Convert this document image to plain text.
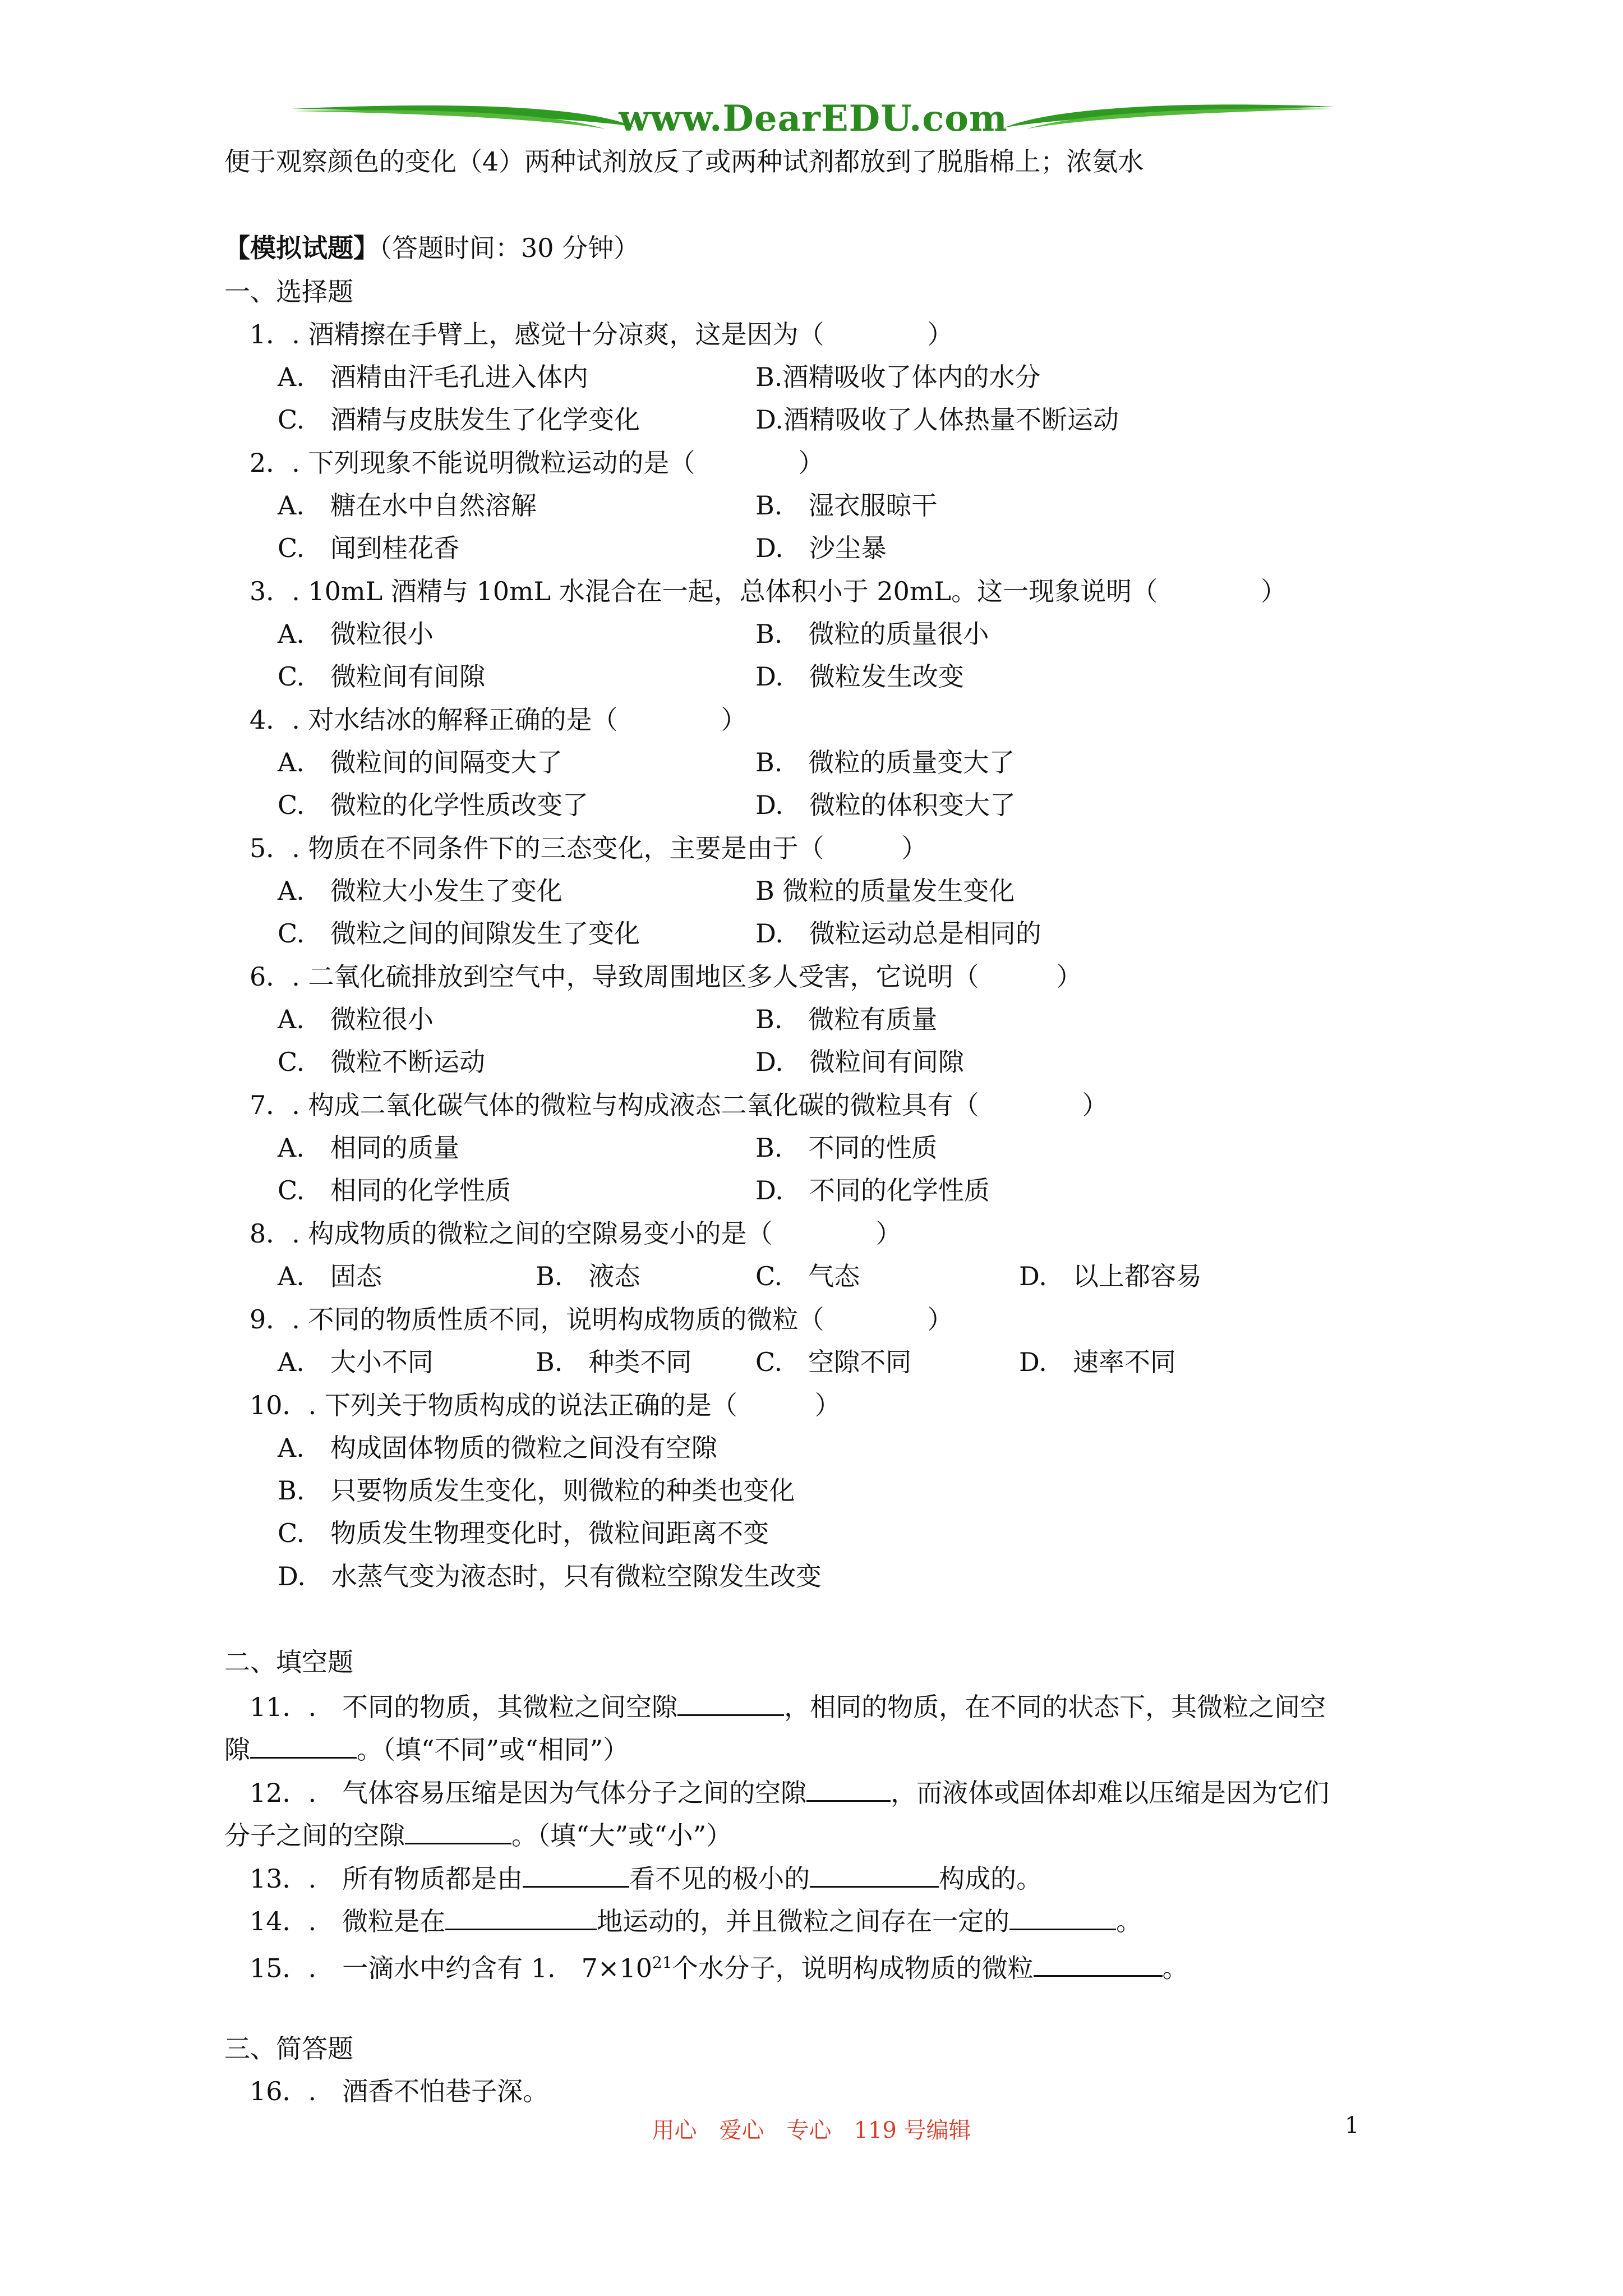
www.DearEDU.com
便于观察颜色的变化（4）两种试剂放反了或两种试剂都放到了脱脂棉上；浓氨水
【模拟试题】（答题时间：30 分钟）
一、选择题
1．. 酒精擦在手臂上，感觉十分凉爽，这是因为（　　　　）
A.　酒精由汗毛孔进入体内	B.酒精吸收了体内的水分
C.　酒精与皮肤发生了化学变化	D.酒精吸收了人体热量不断运动
2．. 下列现象不能说明微粒运动的是（　　　　）
A.　糖在水中自然溶解	B.　湿衣服晾干
C.　闻到桂花香	D.　沙尘暴
3．. 10mL 酒精与 10mL 水混合在一起，总体积小于 20mL。这一现象说明（　　　　）
A.　微粒很小	B.　微粒的质量很小
C.　微粒间有间隙	D.　微粒发生改变
4．. 对水结冰的解释正确的是（　　　　）
A.　微粒间的间隔变大了	B.　微粒的质量变大了
C.　微粒的化学性质改变了	D.　微粒的体积变大了
5．. 物质在不同条件下的三态变化，主要是由于（　　　）
A.　微粒大小发生了变化	B 微粒的质量发生变化
C.　微粒之间的间隙发生了变化	D.　微粒运动总是相同的
6．. 二氧化硫排放到空气中，导致周围地区多人受害，它说明（　　　）
A.　微粒很小	B.　微粒有质量
C.　微粒不断运动	D.　微粒间有间隙
7．. 构成二氧化碳气体的微粒与构成液态二氧化碳的微粒具有（　　　　）
A.　相同的质量	B.　不同的性质
C.　相同的化学性质	D.　不同的化学性质
8．. 构成物质的微粒之间的空隙易变小的是（　　　　）
A.　固态	B.　液态	C.　气态	D.　以上都容易
9．. 不同的物质性质不同，说明构成物质的微粒（　　　　）
A.　大小不同	B.　种类不同 C.　空隙不同	D.　速率不同
10．. 下列关于物质构成的说法正确的是（　　　）
A.　构成固体物质的微粒之间没有空隙
B.　只要物质发生变化，则微粒的种类也变化
C.　物质发生物理变化时，微粒间距离不变
D.　水蒸气变为液态时，只有微粒空隙发生改变
二、填空题
11．.　不同的物质，其微粒之间空隙	，相同的物质，在不同的状态下，其微粒之间空
隙	。（填“不同”或“相同”）
12．.　气体容易压缩是因为气体分子之间的空隙	，而液体或固体却难以压缩是因为它们
分子之间的空隙	。（填“大”或“小”）
13．.　所有物质都是由	看不见的极小的	构成的。
14．.　微粒是在	地运动的，并且微粒之间存在一定的	。
15．.　一滴水中约含有 1.　$7\times 10^{21}$个水分子，说明构成物质的微粒	。
三、简答题
16．.　酒香不怕巷子深。
用心　爱心　专心　119 号编辑	1
